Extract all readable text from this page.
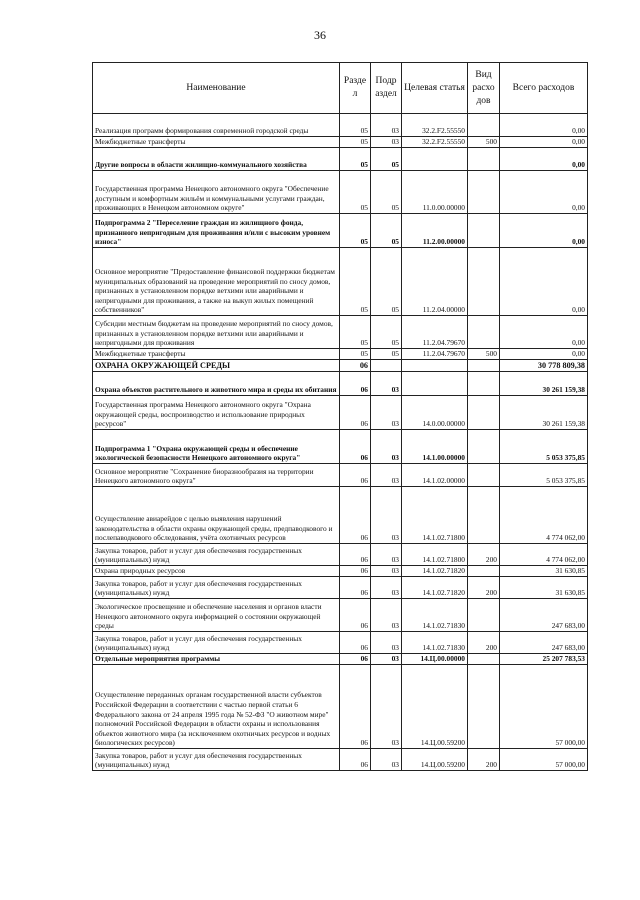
36
Наименование	Разде л	Подр аздел	Целевая статья	Вид расхо дов	Всего расходов
Реализация программ формирования современной городской среды	05	03	32.2.F2.55550		0,00
Межбюджетные трансферты	05	03	32.2.F2.55550	500	0,00
Другие вопросы в области жилищно-коммунального хозяйства	05	05			0,00
Государственная программа Ненецкого автономного округа "Обеспечение доступным и комфортным жильём и коммунальными услугами граждан, проживающих в Ненецком автономном округе"	05	05	11.0.00.00000		0,00
Подпрограмма 2 "Переселение граждан из жилищного фонда, признанного непригодным для проживания и/или с высоким уровнем износа"	05	05	11.2.00.00000		0,00
Основное мероприятие "Предоставление финансовой поддержки бюджетам муниципальных образований на проведение мероприятий по сносу домов, признанных в установленном порядке ветхими или аварийными и непригодными для проживания, а также на выкуп жилых помещений собственников"	05	05	11.2.04.00000		0,00
Субсидии местным бюджетам на проведение мероприятий по сносу домов, признанных в установленном порядке ветхими или аварийными и непригодными для проживания	05	05	11.2.04.79670		0,00
Межбюджетные трансферты	05	05	11.2.04.79670	500	0,00
ОХРАНА ОКРУЖАЮЩЕЙ СРЕДЫ	06				30 778 809,38
Охрана объектов растительного и животного мира и среды их обитания	06	03			30 261 159,38
Государственная программа Ненецкого автономного округа "Охрана окружающей среды, воспроизводство и использование природных ресурсов"	06	03	14.0.00.00000		30 261 159,38
Подпрограмма 1 "Охрана окружающей среды и обеспечение экологической безопасности Ненецкого автономного округа"	06	03	14.1.00.00000		5 053 375,85
Основное мероприятие "Сохранение биоразнообразия на территории Ненецкого автономного округа"	06	03	14.1.02.00000		5 053 375,85
Осуществление авиарейдов с целью выявления нарушений законодательства в области охраны окружающей среды, предпаводкового и послепаводкового обследования, учёта охотничьих ресурсов	06	03	14.1.02.71800		4 774 062,00
Закупка товаров, работ и услуг для обеспечения государственных (муниципальных) нужд	06	03	14.1.02.71800	200	4 774 062,00
Охрана природных ресурсов	06	03	14.1.02.71820		31 630,85
Закупка товаров, работ и услуг для обеспечения государственных (муниципальных) нужд	06	03	14.1.02.71820	200	31 630,85
Экологическое просвещение и обеспечение населения и органов власти Ненецкого автономного округа информацией о состоянии окружающей среды	06	03	14.1.02.71830		247 683,00
Закупка товаров, работ и услуг для обеспечения государственных (муниципальных) нужд	06	03	14.1.02.71830	200	247 683,00
Отдельные мероприятия программы	06	03	14.Ц.00.00000		25 207 783,53
Осуществление переданных органам государственной власти субъектов Российской Федерации в соответствии с частью первой статьи 6 Федерального закона от 24 апреля 1995 года № 52-ФЗ "О животном мире" полномочий Российской Федерации в области охраны и использования объектов животного мира (за исключением охотничьих ресурсов и водных биологических ресурсов)	06	03	14.Ц.00.59200		57 000,00
Закупка товаров, работ и услуг для обеспечения государственных (муниципальных) нужд	06	03	14.Ц.00.59200	200	57 000,00
